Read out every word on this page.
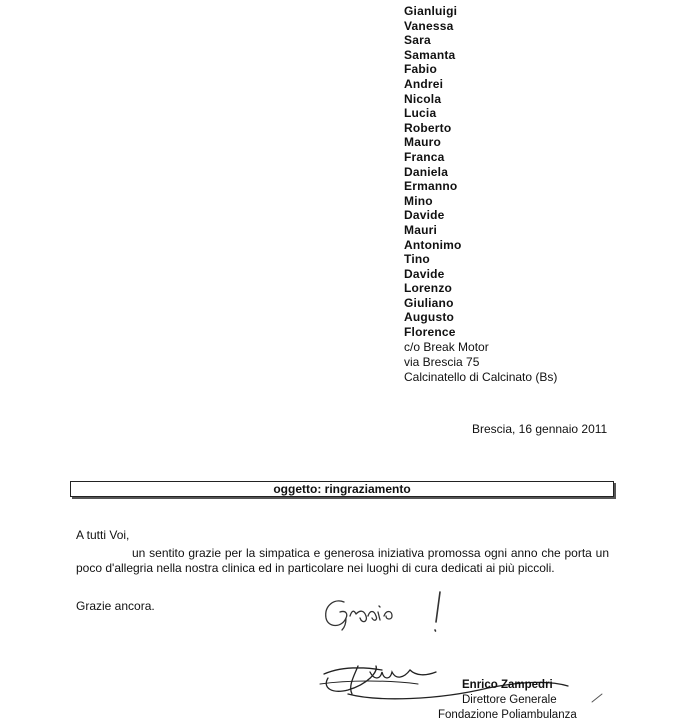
Gianluigi
Vanessa
Sara
Samanta
Fabio
Andrei
Nicola
Lucia
Roberto
Mauro
Franca
Daniela
Ermanno
Mino
Davide
Mauri
Antonimo
Tino
Davide
Lorenzo
Giuliano
Augusto
Florence
c/o Break Motor
via Brescia 75
Calcinatello di Calcinato (Bs)
Brescia, 16 gennaio 2011
oggetto: ringraziamento
A tutti Voi,

un sentito grazie per la simpatica e generosa iniziativa promossa ogni anno che porta un poco d'allegria nella nostra clinica ed in particolare nei luoghi di cura dedicati ai più piccoli.

Grazie ancora.
Enrico Zampedri
Direttore Generale
Fondazione Poliambulanza
